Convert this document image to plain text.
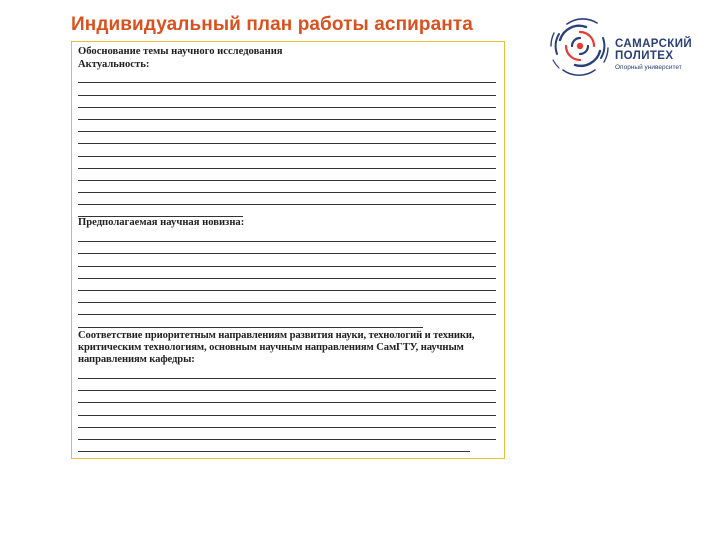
Индивидуальный план работы аспиранта
Обоснование темы научного исследования
Актуальность:
Предполагаемая научная новизна:
Соответствие приоритетным направлениям развития науки, технологий и техники, критическим технологиям, основным научным направлениям СамГТУ, научным направлениям кафедры:
САМАРСКИЙ
ПОЛИТЕХ
Опорный университет
